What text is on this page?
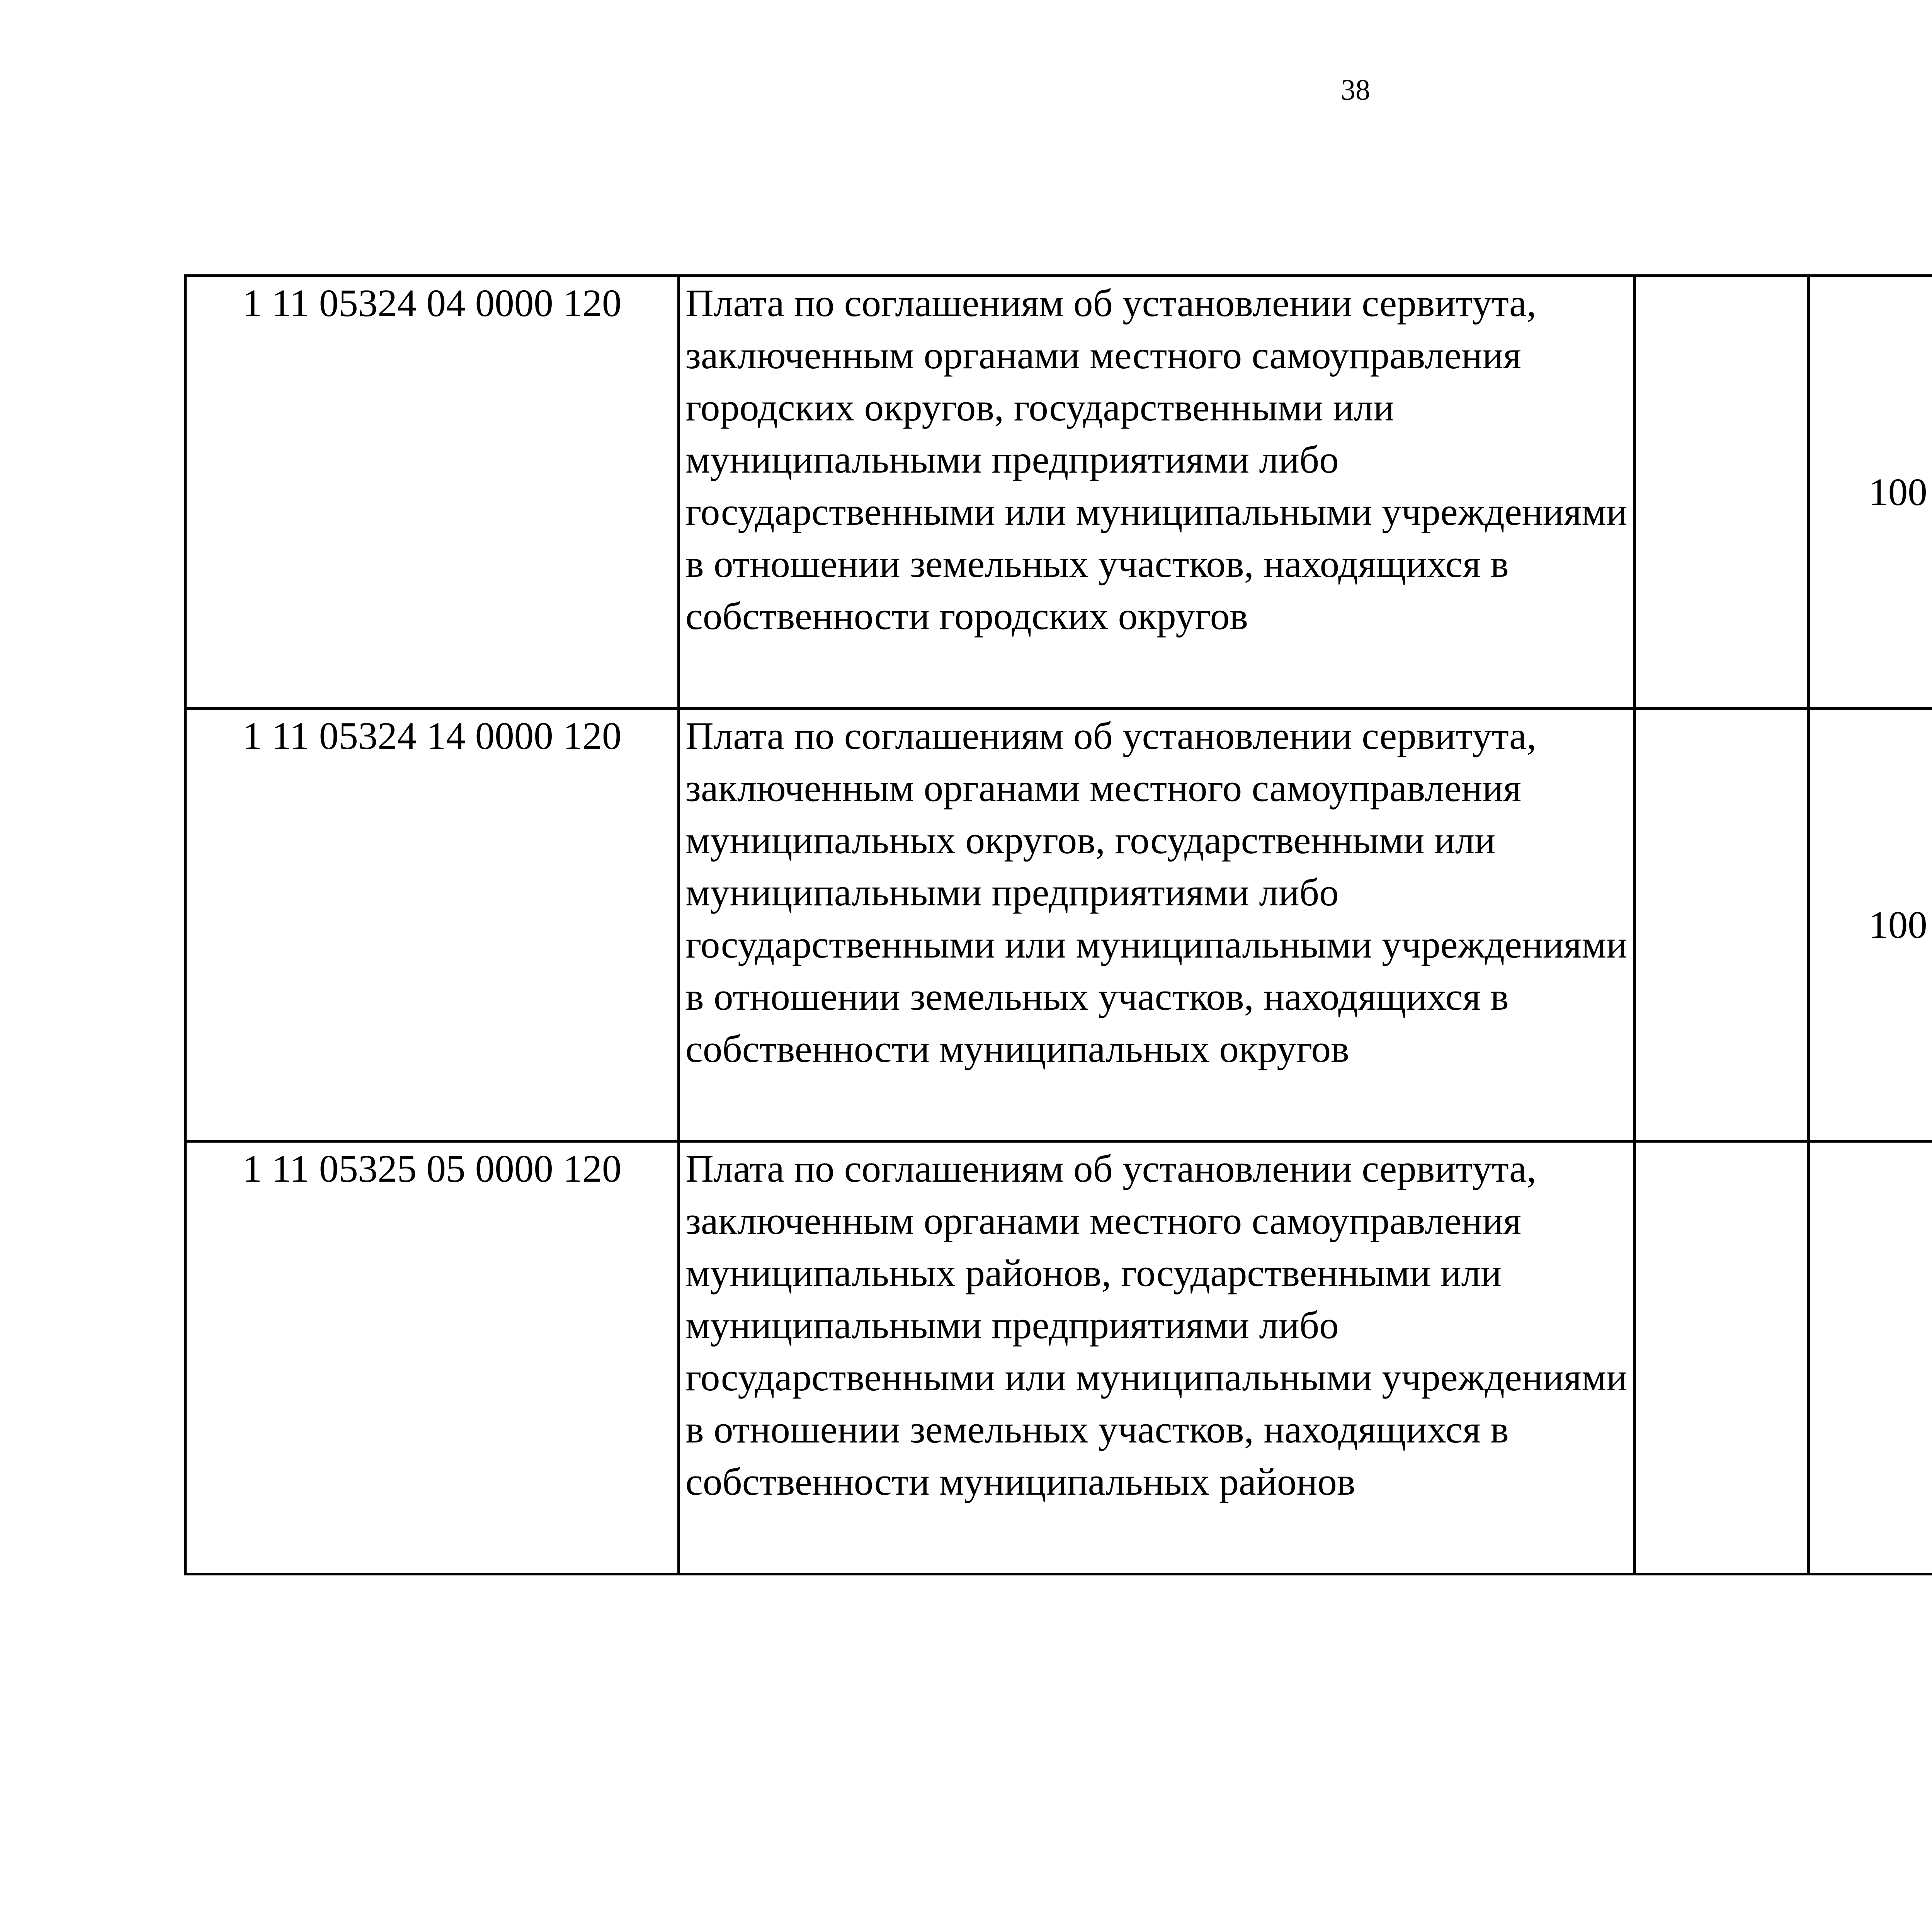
38
1 11 05324 04 0000 120	Плата по соглашениям об установлении сервитута, заключенным органами местного самоуправления городских округов, государственными или муниципальными предприятиями либо государственными или муниципальными учреждениями в отношении земельных участков, находящихся в собственности городских округов		100			
1 11 05324 14 0000 120	Плата по соглашениям об установлении сервитута, заключенным органами местного самоуправления муниципальных округов, государственными или муниципальными предприятиями либо государственными или муниципальными учреждениями в отношении земельных участков, находящихся в собственности муниципальных округов		100			
1 11 05325 05 0000 120	Плата по соглашениям об установлении сервитута, заключенным органами местного самоуправления муниципальных районов, государственными или муниципальными предприятиями либо государственными или муниципальными учреждениями в отношении земельных участков, находящихся в собственности муниципальных районов					
